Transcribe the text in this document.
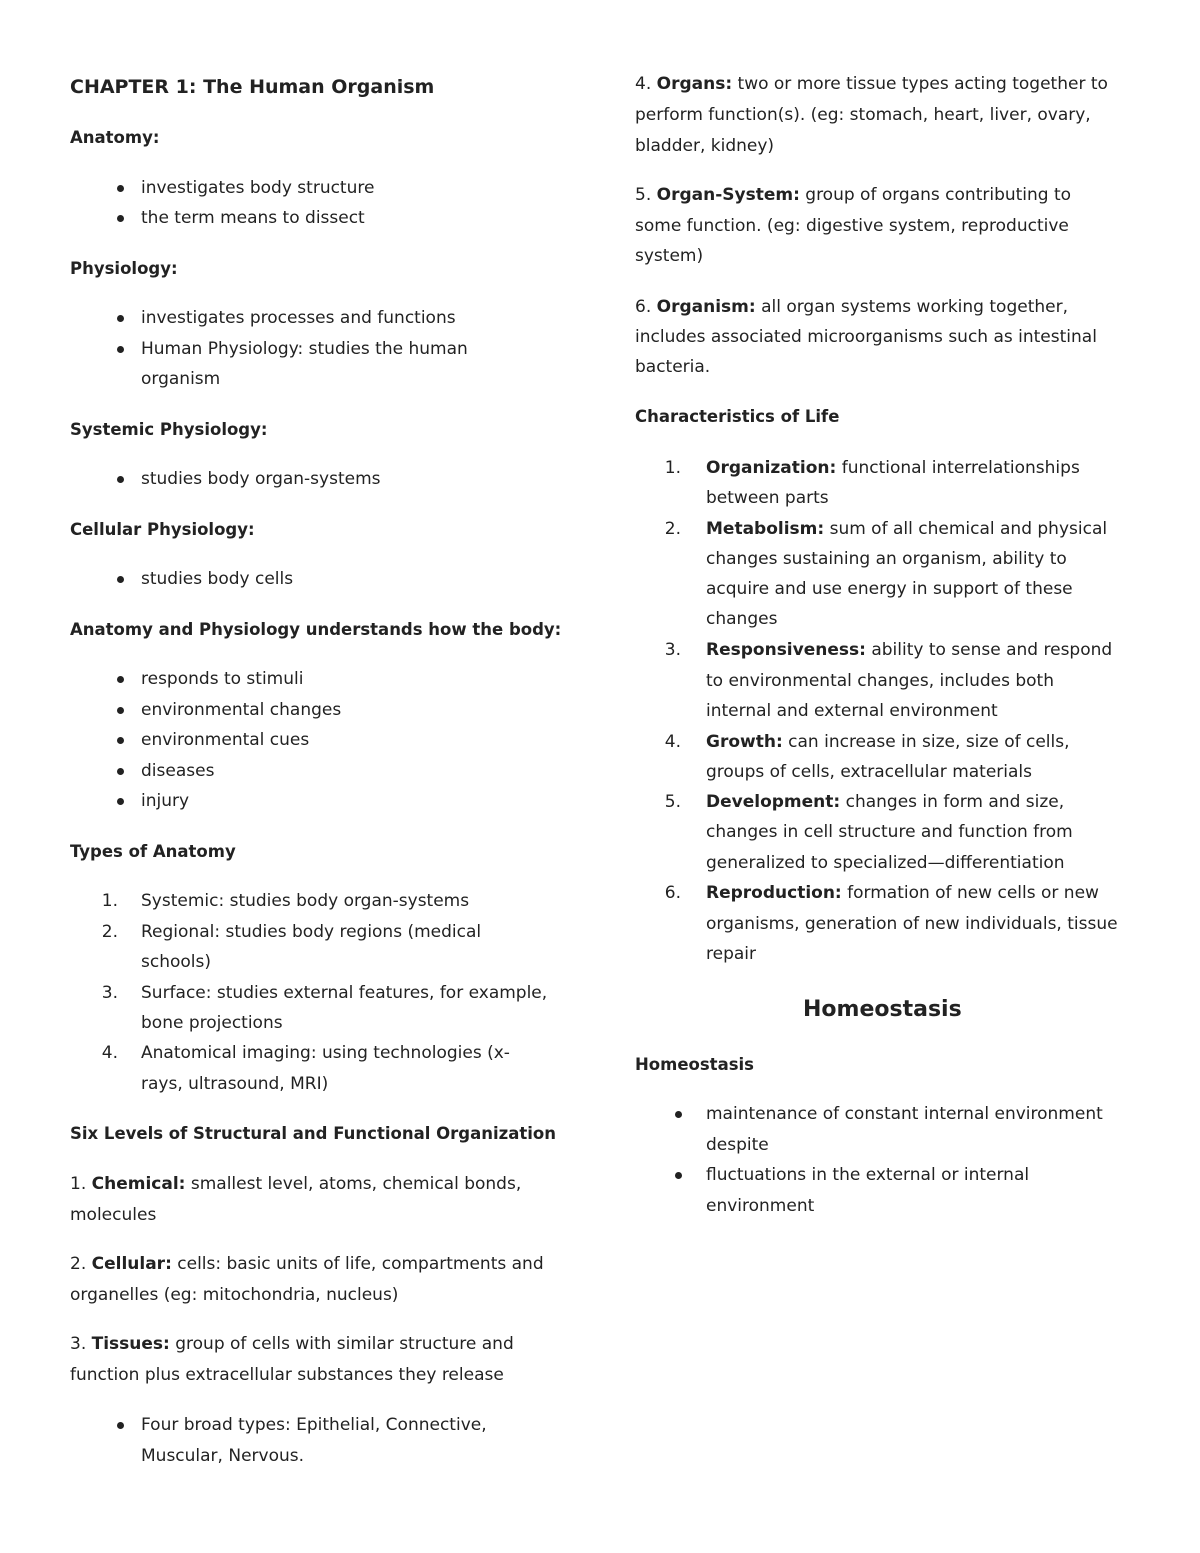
CHAPTER 1: The Human Organism
Anatomy:
investigates body structure
the term means to dissect
Physiology:
investigates processes and functions
Human Physiology: studies the human
organism
Systemic Physiology:
studies body organ-systems
Cellular Physiology:
studies body cells
Anatomy and Physiology understands how the body:
responds to stimuli
environmental changes
environmental cues
diseases
injury
Types of Anatomy
1. Systemic: studies body organ-systems
2. Regional: studies body regions (medical
schools)
3. Surface: studies external features, for example,
bone projections
4. Anatomical imaging: using technologies (x-
rays, ultrasound, MRI)
Six Levels of Structural and Functional Organization
1. Chemical: smallest level, atoms, chemical bonds,
molecules
2. Cellular: cells: basic units of life, compartments and
organelles (eg: mitochondria, nucleus)
3. Tissues: group of cells with similar structure and
function plus extracellular substances they release
Four broad types: Epithelial, Connective,
Muscular, Nervous.
4. Organs: two or more tissue types acting together to
perform function(s). (eg: stomach, heart, liver, ovary,
bladder, kidney)
5. Organ-System: group of organs contributing to
some function. (eg: digestive system, reproductive
system)
6. Organism: all organ systems working together,
includes associated microorganisms such as intestinal
bacteria.
Characteristics of Life
1. Organization: functional interrelationships
between parts
2. Metabolism: sum of all chemical and physical
changes sustaining an organism, ability to
acquire and use energy in support of these
changes
3. Responsiveness: ability to sense and respond
to environmental changes, includes both
internal and external environment
4. Growth: can increase in size, size of cells,
groups of cells, extracellular materials
5. Development: changes in form and size,
changes in cell structure and function from
generalized to specialized—differentiation
6. Reproduction: formation of new cells or new
organisms, generation of new individuals, tissue
repair
Homeostasis
Homeostasis
maintenance of constant internal environment
despite
fluctuations in the external or internal
environment
